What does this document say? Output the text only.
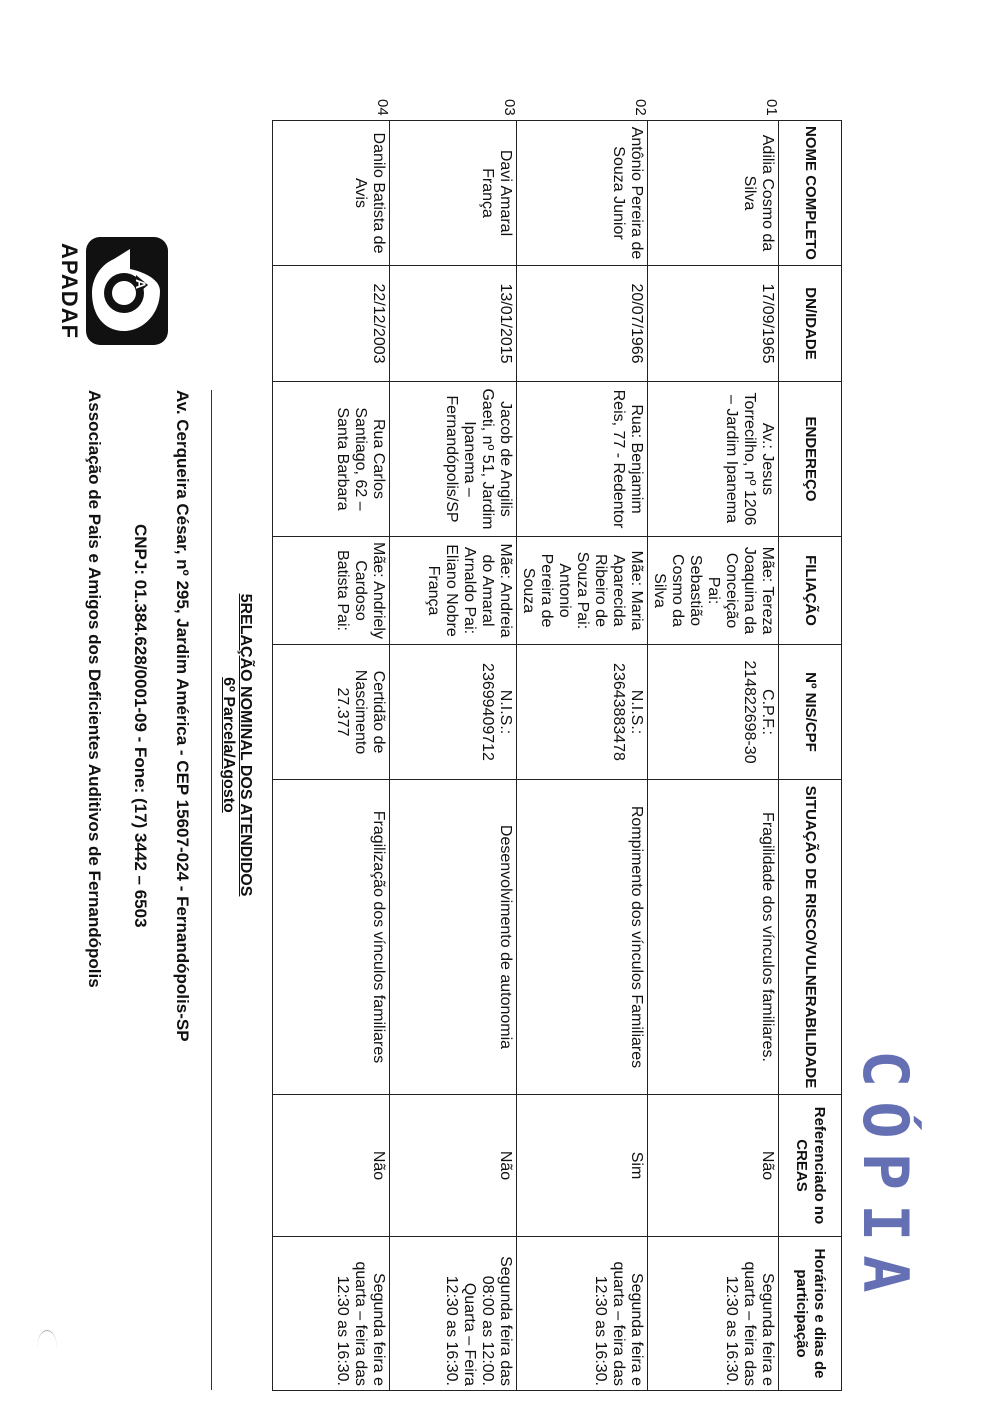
A
APADAF
Associação de Pais e Amigos dos Deficientes Auditivos de Fernandópolis CNPJ: 01.384.628/0001-09 - Fone: (17) 3442 – 6503 Av. Cerqueira César, nº 295, Jardim América - CEP 15607-024 - Fernandópolis-SP	5RELAÇÃO NOMINAL DOS ATENDIDOS
6º Parcela/Agosto
NOME COMPLETO	DN/IDADE	ENDEREÇO	FILIAÇÃO	Nº NIS/CPF	SITUAÇÃO DE RISCO/VULNERABILIDADE	Referenciado no CREAS	Horários e dias de participação

01
Adilia Cosmo da Silva	17/09/1965	Av.: Jesus Torrecilho, nº 1206 – Jardim Ipanema	Mãe: Tereza Joaquina da Conceição Pai: Sebastião Cosmo da Silva	C.P.F.: 214822698-30	Fragilidade dos vínculos familiares.	Não	Segunda feira e quarta – feira das 12:30 as 16:30.

02
Antônio Pereira de Souza Junior	20/07/1966	Rua: Benjamim Reis, 77 - Redentor	Mãe: Maria Aparecida Ribeiro de Souza Pai: Antonio Pereira de Souza	N.I.S.: 23643883478	Rompimento dos vínculos Familiares	Sim	Segunda feira e quarta – feira das 12:30 as 16:30.

03
Davi Amaral França	13/01/2015	Jacob de Angilis Gaeti, nº 51, Jardim Ipanema – Fernandópolis/SP	Mãe: Andreia do Amaral Arnaldo Pai: Eliano Nobre França	N.I.S.: 23699409712	Desenvolvimento de autonomia	Não	Segunda feira das 08:00 as 12:00. Quarta – Feira 12:30 as 16:30.

04
Danilo Batista de Avis	22/12/2003	Rua Carlos Santiago, 62 – Santa Barbara	Mãe: Andriely Cardoso Batista Pai:	Certidão de Nascimento 27.377	Fragilização dos vínculos familiares	Não	Segunda feira e quarta – feira das 12:30 as 16:30.
CÓPIA
